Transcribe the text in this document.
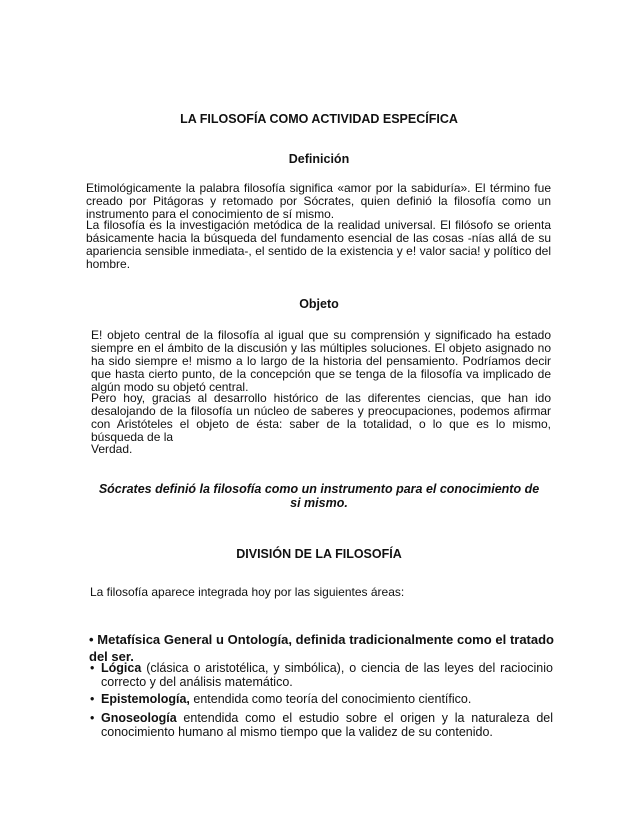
LA FILOSOFÍA COMO ACTIVIDAD ESPECÍFICA
Definición
Etimológicamente la palabra filosofía significa «amor por la sabiduría». El término fue creado por Pitágoras y retomado por Sócrates, quien definió la filosofía como un instrumento para el conocimiento de sí mismo.
La filosofía es la investigación metódica de la realidad universal. El filósofo se orienta básicamente hacia la búsqueda del fundamento esencial de las cosas -nías allá de su apariencia sensible inmediata-, el sentido de la existencia y e! valor sacia! y político del hombre.
Objeto
E! objeto central de la filosofía al igual que su comprensión y significado ha estado siempre en el ámbito de la discusión y las múltiples soluciones. El objeto asignado no ha sido siempre e! mismo a lo largo de la historia del pensamiento. Podríamos decir que hasta cierto punto, de la concepción que se tenga de la filosofía va implicado de algún modo su objetó central.
Pero hoy, gracias al desarrollo histórico de las diferentes ciencias, que han ido desalojando de la filosofía un núcleo de saberes y preocupaciones, podemos afirmar con Aristóteles el objeto de ésta: saber de la totalidad, o lo que es lo mismo, búsqueda de la
Verdad.
Sócrates definió la filosofía como un instrumento para el conocimiento de si mismo.
DIVISIÓN DE LA FILOSOFÍA
La filosofía aparece integrada hoy por las siguientes áreas:
• Metafísica General u Ontología, definida tradicionalmente como el tratado del ser.
• Lógica (clásica o aristotélica, y simbólica), o ciencia de las leyes del raciocinio correcto y del análisis matemático.
• Epistemología, entendida como teoría del conocimiento científico.
• Gnoseología entendida como el estudio sobre el origen y la naturaleza del conocimiento humano al mismo tiempo que la validez de su contenido.
